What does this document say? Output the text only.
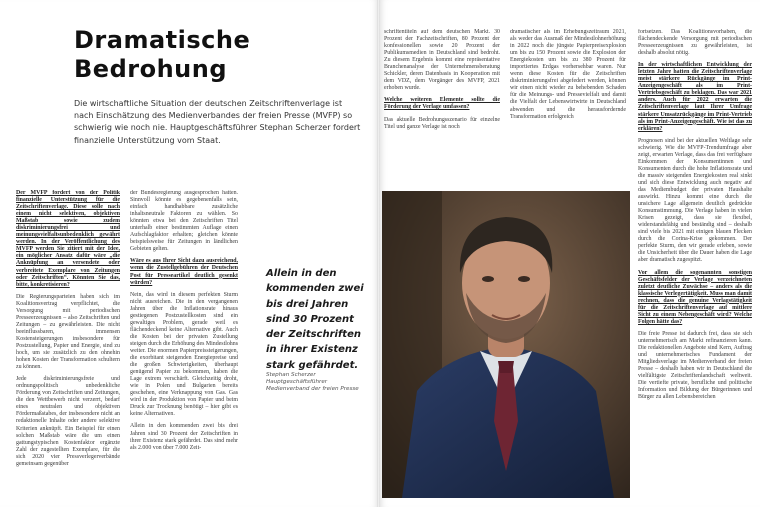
Dramatische
Bedrohung

Die wirtschaftliche Situation der deutschen Zeitschriftenverlage ist nach Einschätzung des Medienverbandes der freien Presse (MVFP) so schwierig wie noch nie. Hauptgeschäftsführer Stephan Scherzer fordert finanzielle Unterstützung vom Staat.

Der MVFP fordert von der Politik finanzielle Unterstützung für die Zeitschriftenverlage. Diese solle nach einem nicht selektiven, objektiven Maßstab sowie zudem diskriminierungsfrei und meinungsvielfaltsunbedenklich gewährt werden. In der Veröffentlichung des MVFP werden Sie zitiert mit der Idee, ein möglicher Ansatz dafür wäre „die Anknüpfung an versendete oder verbreitete Exemplare von Zeitungen oder Zeitschriften“. Könnten Sie das, bitte, konkretisieren?

Die Regierungsparteien haben sich im Koalitionsvertrag verpflichtet, die Versorgung mit periodischen Presseerzeugnissen – also Zeitschriften und Zeitungen – zu gewährleisten. Die nicht beeinflussbaren, immensen Kostensteigerungen insbesondere für Postzustellung, Papier und Energie, sind zu hoch, um sie zusätzlich zu den ohnehin hohen Kosten der Transformation schultern zu können.

Jede diskriminierungsfreie und ordnungspolitisch unbedenkliche Förderung von Zeitschriften und Zeitungen, die den Wettbewerb nicht verzerrt, bedarf eines neutralen und objektiven Fördermaßstabes, der insbesondere nicht an redaktionelle Inhalte oder andere selektive Kriterien anknüpft. Ein Beispiel für einen solchen Maßstab wäre die um einen gattungstypischen Kostenfaktor ergänzte Zahl der zugestellten Exemplare, für die sich 2020 vier Pressverlegerverbände gemeinsam gegenüber

der Bundesregierung ausgesprochen hatten. Sinnvoll könnte es gegebenenfalls sein, einfach handhabbare zusätzliche inhaltsneutrale Faktoren zu wählen. So könnten etwa bei den Zeitschriften Titel unterhalb einer bestimmten Auflage einen Aufschlagfaktor erhalten; gleichen könnte beispielsweise für Zeitungen in ländlichen Gebieten gelten.

Wäre es aus Ihrer Sicht dazu ausreichend, wenn die Zustellgebühren der Deutschen Post für Presseartikel deutlich gesenkt würden?

Nein, das wird in diesem perfekten Sturm nicht ausreichen. Die in den vergangenen Jahren über die Inflationsrate hinaus gestiegenen Postzustellkosten sind ein gewaltiges Problem, gerade weil es flächendeckend keine Alternative gibt. Auch die Kosten bei der privaten Zustellung steigen durch die Erhöhung des Mindestlohns weiter. Die enormen Papierpreissteigerungen, die exorbitant steigenden Energiepreise und die großen Schwierigkeiten, überhaupt genügend Papier zu bekommen, haben die Lage extrem verschärft. Gleichzeitig droht, wie in Polen und Bulgarien bereits geschehen, eine Verknappung von Gas. Gas wird in der Produktion von Papier und beim Druck zur Trocknung benötigt – hier gibt es keine Alternativen.

Allein in den kommenden zwei bis drei Jahren sind 30 Prozent der Zeitschriften in ihrer Existenz stark gefährdet. Das sind mehr als 2.000 von über 7.000 Zeit-

Allein in den kommenden zwei bis drei Jahren sind 30 Prozent der Zeitschriften in ihrer Existenz stark gefährdet.

Stephan Scherzer
Hauptgeschäftsführer
Medienverband der freien Presse

schriftentiteln auf dem deutschen Markt. 30 Prozent der Fachzeitschriften, 80 Prozent der konfessionellen sowie 20 Prozent der Publikumsmedien in Deutschland sind bedroht. Zu diesem Ergebnis kommt eine repräsentative Branchenanalyse der Unternehmensberatung Schickler, deren Datenbasis in Kooperation mit dem VDZ, dem Vorgänger des MVFP, 2021 erhoben wurde.

Welche weiteren Elemente sollte die Förderung der Verlage umfassen?

Das aktuelle Bedrohungsszenario für einzelne Titel und ganze Verlage ist noch

dramatischer als im Erhebungszeitraum 2021, als weder das Ausmaß der Mindestlohnerhöhung in 2022 noch die jüngste Papierpreisexplosion um bis zu 150 Prozent sowie die Explosion der Energiekosten um bis zu 380 Prozent für importiertes Erdgas vorhersehbar waren. Nur wenn diese Kosten für die Zeitschriften diskriminierungsfrei abgefedert werden, können wir einen nicht wieder zu behebenden Schaden für die Meinungs- und Pressevielfalt und damit die Vielfalt der Lebenswirtwirte in Deutschland abwenden und die herausfordernde Transformation erfolgreich

fortsetzen. Das Koalitionsvorhaben, die flächendeckende Versorgung mit periodischen Presseerzeugnissen zu gewährleisten, ist deshalb absolut nötig.

In der wirtschaftlichen Entwicklung der letzten Jahre hatten die Zeitschriftenverlage meist stärkere Rückgänge im Print-Anzeigengeschäft als im Print-Vertriebsgeschäft zu beklagen. Das war 2021 anders. Auch für 2022 erwarten die Zeitschriftenverlage laut Ihrer Umfrage stärkere Umsatzrückgänge im Print-Vertrieb als im Print-Anzeigengeschäft. Wie ist das zu erklären?

Prognosen sind bei der aktuellen Weltlage sehr schwierig. Wie die MVFP-Trendumfrage aber zeigt, erwarten Verlage, dass das frei verfügbare Einkommen der Konsumentinnen und Konsumenten durch die hohe Inflationsrate und die massiv steigenden Energiekosten real sinkt und sich diese Entwicklung auch negativ auf das Mediembudget der privaten Haushalte auswirkt. Hinzu kommt eine durch die unsichere Lage allgemein deutlich gedrückte Konsumstimmung. Die Verlage haben in vielen Krisen gezeigt, dass sie flexibel, widerstandsfähig und beständig sind – deshalb sind viele bis 2021 mit einigen blauen Flecken durch die Corina-Krise gekommen. Der perfekte Sturm, den wir gerade erleben, sowie die Unsicherheit über die Dauer haben die Lage aber dramatisch zugespitzt.

Vor allem die sogenannten sonstigen Geschäftsfelder der Verlage verzeichneten zuletzt deutliche Zuwächse – anders als die klassische Verlegertätigkeit. Muss man damit rechnen, dass die genuine Verlagstätigkeit für die Zeitschriftenverlage auf mittlere Sicht zu einem Nebengeschäft wird? Welche Folgen hätte das?

Die freie Presse ist dadurch frei, dass sie sich unternehmerisch am Markt refinanzieren kann. Die redaktionellen Angebote sind Kern, Auftrag und unternehmerisches Fundament der Mitgliedsverlage im Medienverband der freien Presse – deshalb haben wir in Deutschland die vielfältigste Zeitschriftenlandschaft weltweit. Die vertiefte private, berufliche und politische Information und Bildung der Bürgerinnen und Bürger zu allen Lebensbereichen
